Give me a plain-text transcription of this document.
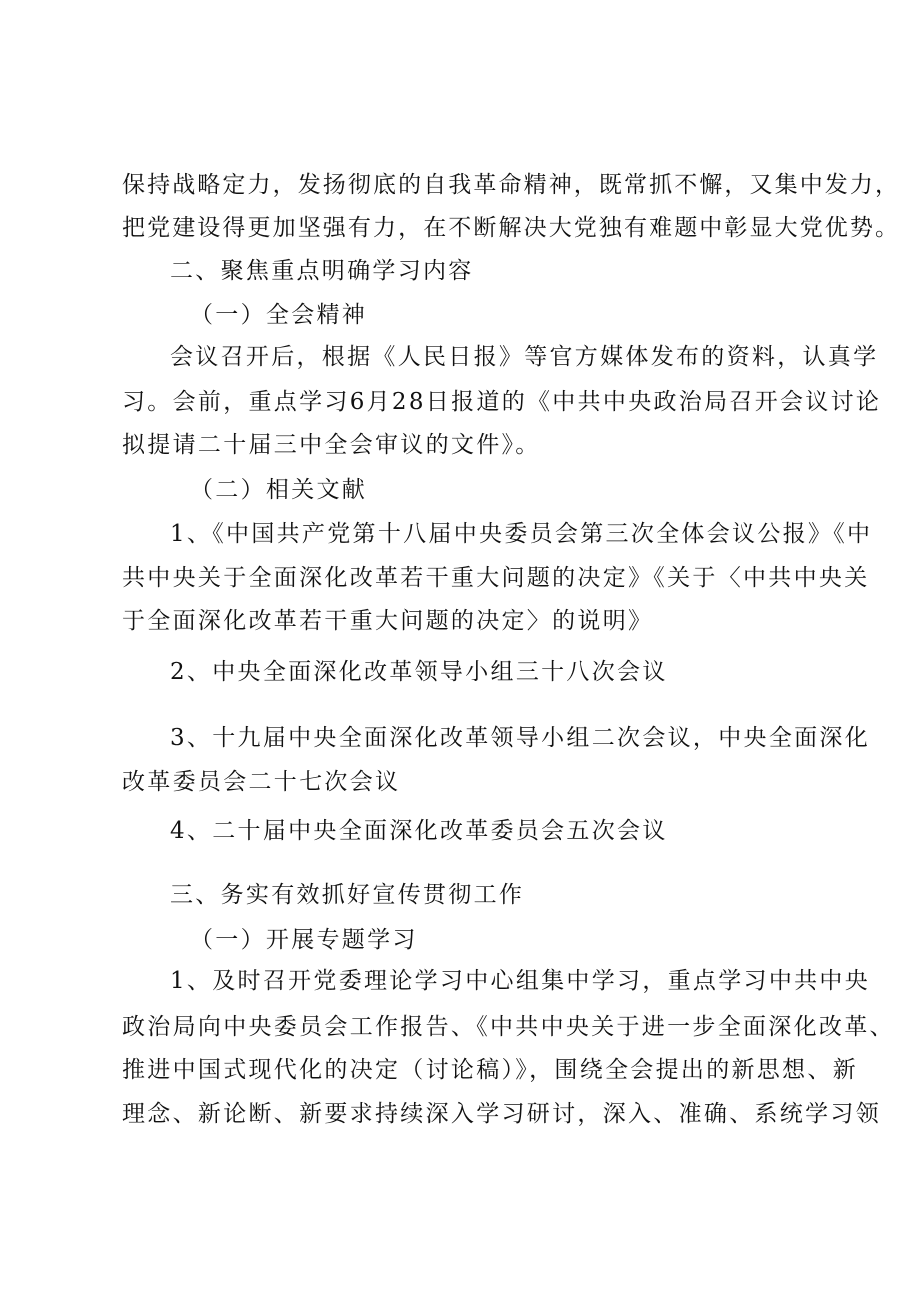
保持战略定力，发扬彻底的自我革命精神，既常抓不懈，又集中发力，
把党建设得更加坚强有力，在不断解决大党独有难题中彰显大党优势。
二、聚焦重点明确学习内容
（一）全会精神
会议召开后，根据《人民日报》等官方媒体发布的资料，认真学
习。会前，重点学习6月28日报道的《中共中央政治局召开会议讨论
拟提请二十届三中全会审议的文件》。
（二）相关文献
1、《中国共产党第十八届中央委员会第三次全体会议公报》《中
共中央关于全面深化改革若干重大问题的决定》《关于〈中共中央关
于全面深化改革若干重大问题的决定〉的说明》
2、中央全面深化改革领导小组三十八次会议
3、十九届中央全面深化改革领导小组二次会议，中央全面深化
改革委员会二十七次会议
4、二十届中央全面深化改革委员会五次会议
三、务实有效抓好宣传贯彻工作
（一）开展专题学习
1、及时召开党委理论学习中心组集中学习，重点学习中共中央
政治局向中央委员会工作报告、《中共中央关于进一步全面深化改革、
推进中国式现代化的决定（讨论稿）》，围绕全会提出的新思想、新
理念、新论断、新要求持续深入学习研讨，深入、准确、系统学习领
